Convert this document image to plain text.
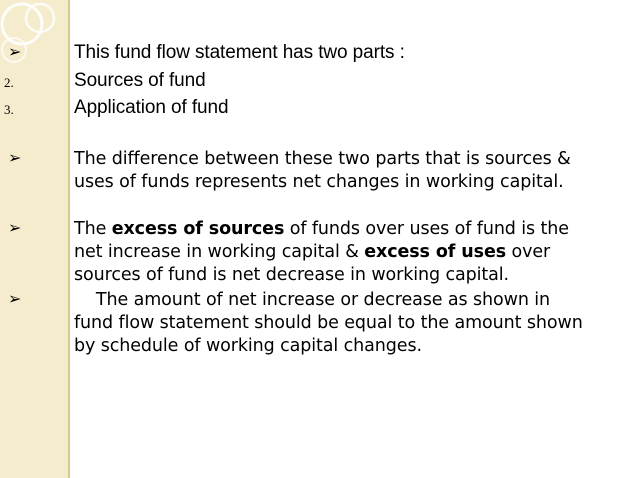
➢	This fund flow statement has two parts :
2.	Sources of fund
3.	Application of fund
➢	The difference between these two parts that is sources & uses of funds represents net changes in working capital.
➢	The excess of sources of funds over uses of fund is the net increase in working capital & excess of uses over sources of fund is net decrease in working capital.
➢	The amount of net increase or decrease as shown in fund flow statement should be equal to the amount shown by schedule of working capital changes.
